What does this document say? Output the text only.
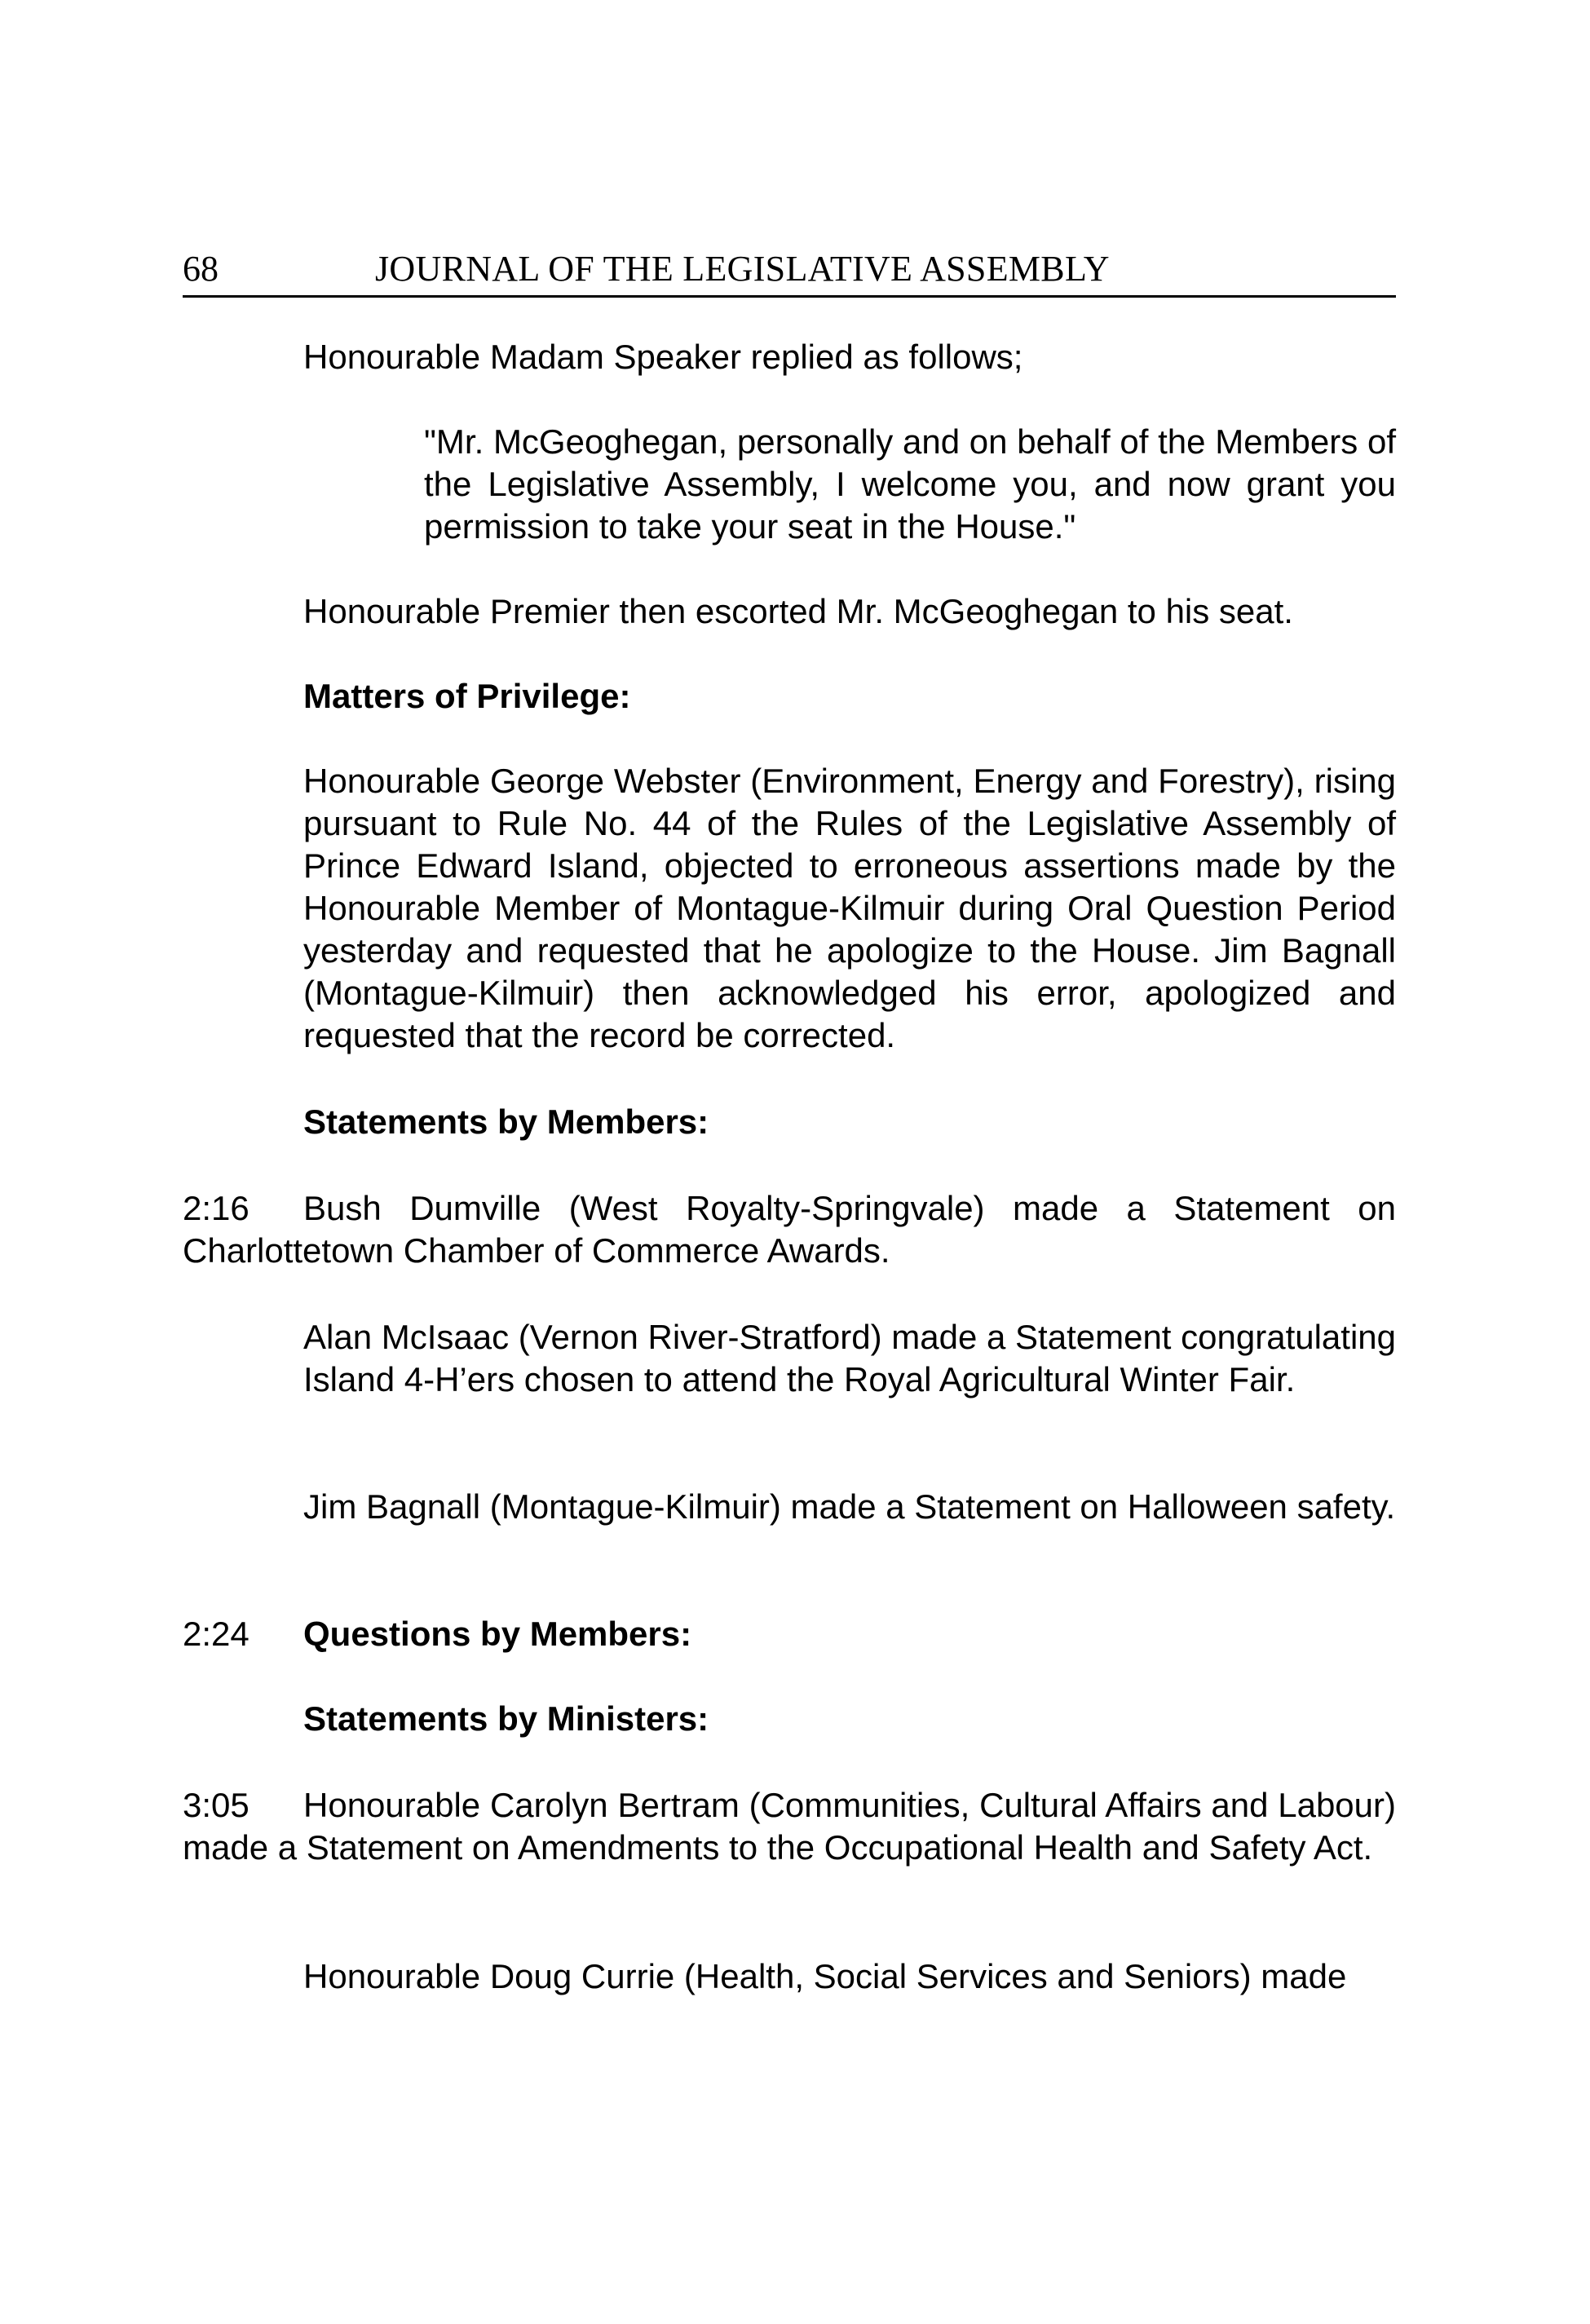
68	JOURNAL OF THE LEGISLATIVE ASSEMBLY
Honourable Madam Speaker replied as follows;
"Mr. McGeoghegan, personally and on behalf of the Members of the Legislative Assembly, I welcome you, and now grant you permission to take your seat in the House."
Honourable Premier then escorted Mr. McGeoghegan to his seat.
Matters of Privilege:
Honourable George Webster (Environment, Energy and Forestry), rising pursuant to Rule No. 44 of the Rules of the Legislative Assembly of Prince Edward Island, objected to erroneous assertions made by the Honourable Member of Montague-Kilmuir during Oral Question Period yesterday and requested that he apologize to the House. Jim Bagnall (Montague-Kilmuir) then acknowledged his error, apologized and requested that the record be corrected.
Statements by Members:
2:16 Bush Dumville (West Royalty-Springvale) made a Statement on Charlottetown Chamber of Commerce Awards.
Alan McIsaac (Vernon River-Stratford) made a Statement congratulating Island 4-H’ers chosen to attend the Royal Agricultural Winter Fair.
Jim Bagnall (Montague-Kilmuir) made a Statement on Halloween safety.
2:24 Questions by Members:
Statements by Ministers:
3:05 Honourable Carolyn Bertram (Communities, Cultural Affairs and Labour) made a Statement on Amendments to the Occupational Health and Safety Act.
Honourable Doug Currie (Health, Social Services and Seniors) made
